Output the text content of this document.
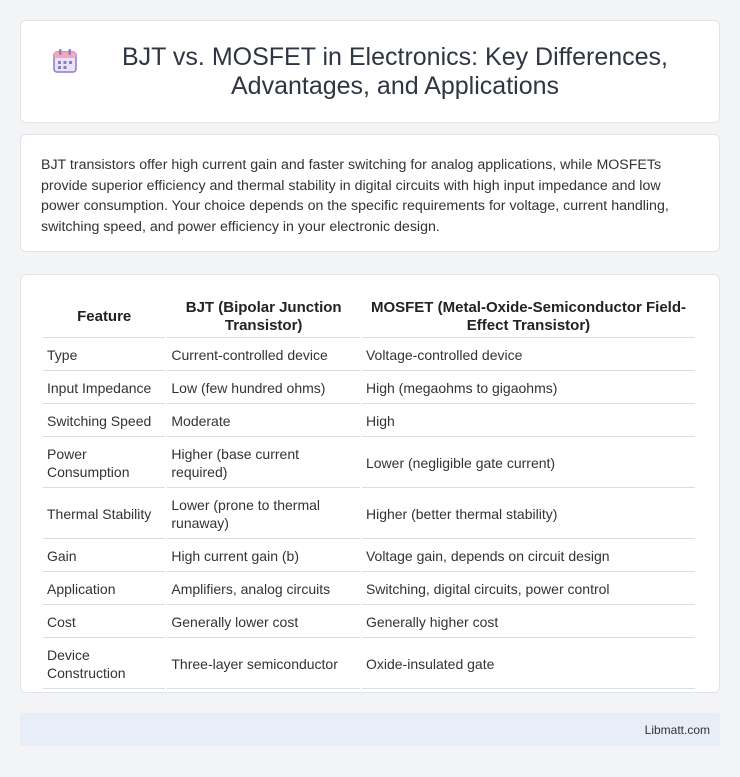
BJT vs. MOSFET in Electronics: Key Differences, Advantages, and Applications

BJT transistors offer high current gain and faster switching for analog applications, while MOSFETs provide superior efficiency and thermal stability in digital circuits with high input impedance and low power consumption. Your choice depends on the specific requirements for voltage, current handling, switching speed, and power efficiency in your electronic design.

Feature	BJT (Bipolar Junction Transistor)	MOSFET (Metal-Oxide-Semiconductor Field-Effect Transistor)
Type	Current-controlled device	Voltage-controlled device
Input Impedance	Low (few hundred ohms)	High (megaohms to gigaohms)
Switching Speed	Moderate	High
Power Consumption	Higher (base current required)	Lower (negligible gate current)
Thermal Stability	Lower (prone to thermal runaway)	Higher (better thermal stability)
Gain	High current gain (b)	Voltage gain, depends on circuit design
Application	Amplifiers, analog circuits	Switching, digital circuits, power control
Cost	Generally lower cost	Generally higher cost
Device Construction	Three-layer semiconductor	Oxide-insulated gate
Libmatt.com
